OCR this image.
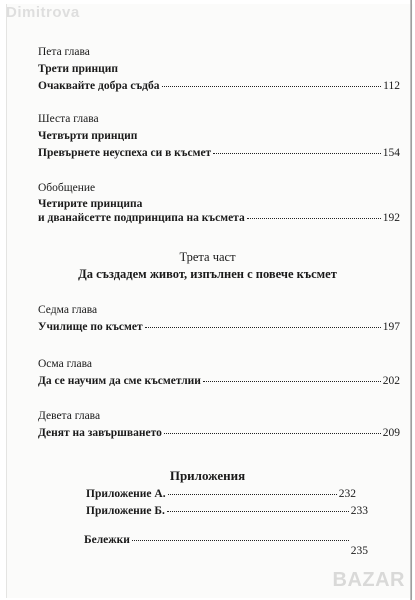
Dimitrova
Пета глава
Трети принцип
Очаквайте добра съдба	112
Шеста глава
Четвърти принцип
Превърнете неуспеха си в късмет	154
Обобщение
Четирите принципа
и дванайсетте подпринципа на късмета	192
Трета част
Да създадем живот, изпълнен с повече късмет
Седма глава
Училище по късмет	197
Осма глава
Да се научим да сме късметлии	202
Девета глава
Денят на завършването	209
Приложения
Приложение А.	232
Приложение Б.	233
Бележки
235
BAZAR
